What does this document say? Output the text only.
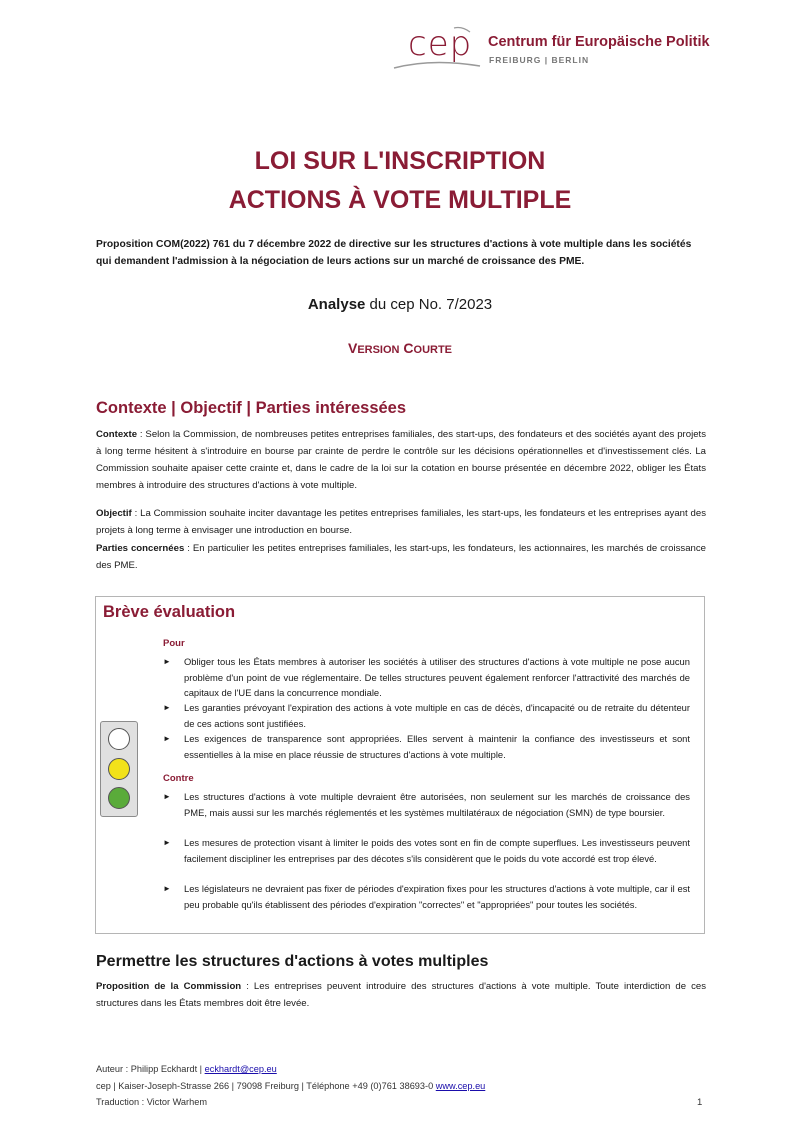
cep Centrum für Europäische Politik
FREIBURG | BERLIN
LOI SUR L'INSCRIPTION
ACTIONS À VOTE MULTIPLE
Proposition COM(2022) 761 du 7 décembre 2022 de directive sur les structures d'actions à vote multiple dans les sociétés qui demandent l'admission à la négociation de leurs actions sur un marché de croissance des PME.
Analyse du cep No. 7/2023
VERSION COURTE
Contexte | Objectif | Parties intéressées
Contexte : Selon la Commission, de nombreuses petites entreprises familiales, des start-ups, des fondateurs et des sociétés ayant des projets à long terme hésitent à s'introduire en bourse par crainte de perdre le contrôle sur les décisions opérationnelles et d'investissement clés. La Commission souhaite apaiser cette crainte et, dans le cadre de la loi sur la cotation en bourse présentée en décembre 2022, obliger les États membres à introduire des structures d'actions à vote multiple.
Objectif : La Commission souhaite inciter davantage les petites entreprises familiales, les start-ups, les fondateurs et les entreprises ayant des projets à long terme à envisager une introduction en bourse.
Parties concernées : En particulier les petites entreprises familiales, les start-ups, les fondateurs, les actionnaires, les marchés de croissance des PME.
Brève évaluation
Pour
► Obliger tous les États membres à autoriser les sociétés à utiliser des structures d'actions à vote multiple ne pose aucun problème d'un point de vue réglementaire. De telles structures peuvent également renforcer l'attractivité des marchés de capitaux de l'UE dans la concurrence mondiale.
► Les garanties prévoyant l'expiration des actions à vote multiple en cas de décès, d'incapacité ou de retraite du détenteur de ces actions sont justifiées.
► Les exigences de transparence sont appropriées. Elles servent à maintenir la confiance des investisseurs et sont essentielles à la mise en place réussie de structures d'actions à vote multiple.
Contre
► Les structures d'actions à vote multiple devraient être autorisées, non seulement sur les marchés de croissance des PME, mais aussi sur les marchés réglementés et les systèmes multilatéraux de négociation (SMN) de type boursier.
► Les mesures de protection visant à limiter le poids des votes sont en fin de compte superflues. Les investisseurs peuvent facilement discipliner les entreprises par des décotes s'ils considèrent que le poids du vote accordé est trop élevé.
► Les législateurs ne devraient pas fixer de périodes d'expiration fixes pour les structures d'actions à vote multiple, car il est peu probable qu'ils établissent des périodes d'expiration "correctes" et "appropriées" pour toutes les sociétés.
Permettre les structures d'actions à votes multiples
Proposition de la Commission : Les entreprises peuvent introduire des structures d'actions à vote multiple. Toute interdiction de ces structures dans les États membres doit être levée.
Auteur : Philipp Eckhardt | eckhardt@cep.eu
cep | Kaiser-Joseph-Strasse 266 | 79098 Freiburg | Téléphone +49 (0)761 38693-0 www.cep.eu
Traduction : Victor Warhem	1
